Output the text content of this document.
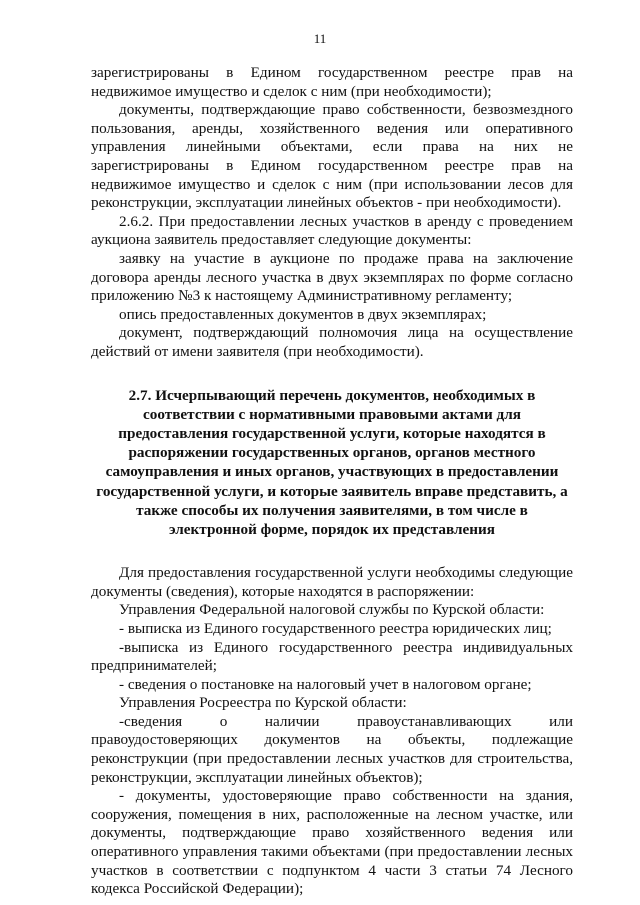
11

зарегистрированы в Едином государственном реестре прав на недвижимое имущество и сделок с ним (при необходимости);

документы, подтверждающие право собственности, безвозмездного пользования, аренды, хозяйственного ведения или оперативного управления линейными объектами, если права на них не зарегистрированы в Едином государственном реестре прав на недвижимое имущество и сделок с ним (при использовании лесов для реконструкции, эксплуатации линейных объектов - при необходимости).

2.6.2. При предоставлении лесных участков в аренду с проведением аукциона заявитель предоставляет следующие документы:

заявку на участие в аукционе по продаже права на заключение договора аренды лесного участка в двух экземплярах по форме согласно приложению №3 к настоящему Административному регламенту;

опись предоставленных документов в двух экземплярах;

документ, подтверждающий полномочия лица на осуществление действий от имени заявителя (при необходимости).

2.7. Исчерпывающий перечень документов, необходимых в соответствии с нормативными правовыми актами для предоставления государственной услуги, которые находятся в распоряжении государственных органов, органов местного самоуправления и иных органов, участвующих в предоставлении государственной услуги, и которые заявитель вправе представить, а также способы их получения заявителями, в том числе в электронной форме, порядок их представления

Для предоставления государственной услуги необходимы следующие документы (сведения), которые находятся в распоряжении:

Управления Федеральной налоговой службы по Курской области:

- выписка из Единого государственного реестра юридических лиц;

-выписка из Единого государственного реестра индивидуальных предпринимателей;

- сведения о постановке на налоговый учет в налоговом органе;

Управления Росреестра по Курской области:

-сведения о наличии правоустанавливающих или правоудостоверяющих документов на объекты, подлежащие реконструкции (при предоставлении лесных участков для строительства, реконструкции, эксплуатации линейных объектов);

- документы, удостоверяющие право собственности на здания, сооружения, помещения в них, расположенные на лесном участке, или документы, подтверждающие право хозяйственного ведения или оперативного управления такими объектами (при предоставлении лесных участков в соответствии с подпунктом 4 части 3 статьи 74 Лесного кодекса Российской Федерации);
